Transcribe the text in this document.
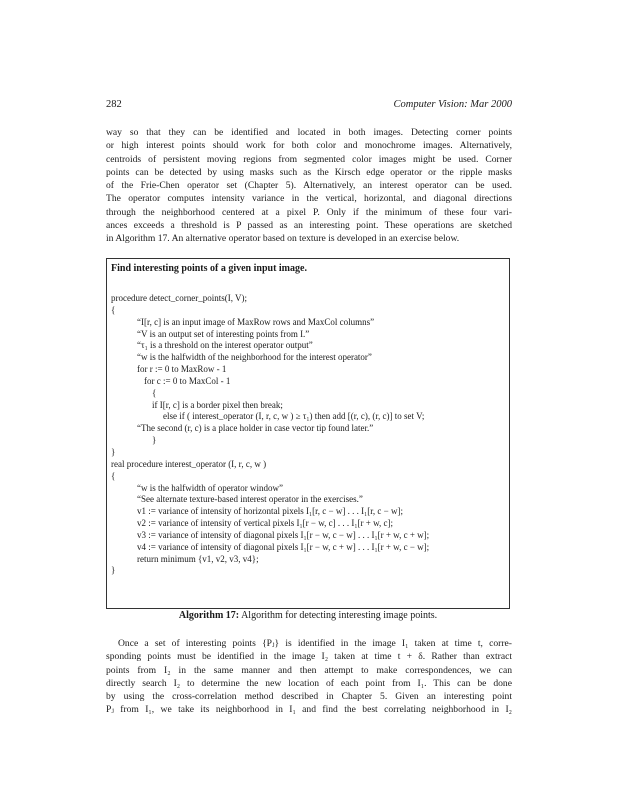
282	Computer Vision: Mar 2000
way so that they can be identified and located in both images. Detecting corner points
or high interest points should work for both color and monochrome images. Alternatively,
centroids of persistent moving regions from segmented color images might be used. Corner
points can be detected by using masks such as the Kirsch edge operator or the ripple masks
of the Frie-Chen operator set (Chapter 5). Alternatively, an interest operator can be used.
The operator computes intensity variance in the vertical, horizontal, and diagonal directions
through the neighborhood centered at a pixel P. Only if the minimum of these four vari-
ances exceeds a threshold is P passed as an interesting point. These operations are sketched
in Algorithm 17. An alternative operator based on texture is developed in an exercise below.
Find interesting points of a given input image.
procedure detect_corner_points(I, V);
{
“I[r, c] is an input image of MaxRow rows and MaxCol columns”
“V is an output set of interesting points from I.”
“τ₁ is a threshold on the interest operator output”
“w is the halfwidth of the neighborhood for the interest operator”
for r := 0 to MaxRow - 1
for c := 0 to MaxCol - 1
{
if I[r, c] is a border pixel then break;
else if ( interest_operator (I, r, c, w ) ≥ τ₁) then add [(r, c), (r, c)] to set V;
“The second (r, c) is a place holder in case vector tip found later.”
}
}
real procedure interest_operator (I, r, c, w )
{
“w is the halfwidth of operator window”
“See alternate texture-based interest operator in the exercises.”
v1 := variance of intensity of horizontal pixels I₁[r, c − w] . . . I₁[r, c − w];
v2 := variance of intensity of vertical pixels I₁[r − w, c] . . . I₁[r + w, c];
v3 := variance of intensity of diagonal pixels I₁[r − w, c − w] . . . I₁[r + w, c + w];
v4 := variance of intensity of diagonal pixels I₁[r − w, c + w] . . . I₁[r + w, c − w];
return minimum {v1, v2, v3, v4};
}
Algorithm 17: Algorithm for detecting interesting image points.
Once a set of interesting points {Pⱼ} is identified in the image I₁ taken at time t, corre-
sponding points must be identified in the image I₂ taken at time t + δ. Rather than extract
points from I₂ in the same manner and then attempt to make correspondences, we can
directly search I₂ to determine the new location of each point from I₁. This can be done
by using the cross-correlation method described in Chapter 5. Given an interesting point
Pⱼ from I₁, we take its neighborhood in I₁ and find the best correlating neighborhood in I₂
